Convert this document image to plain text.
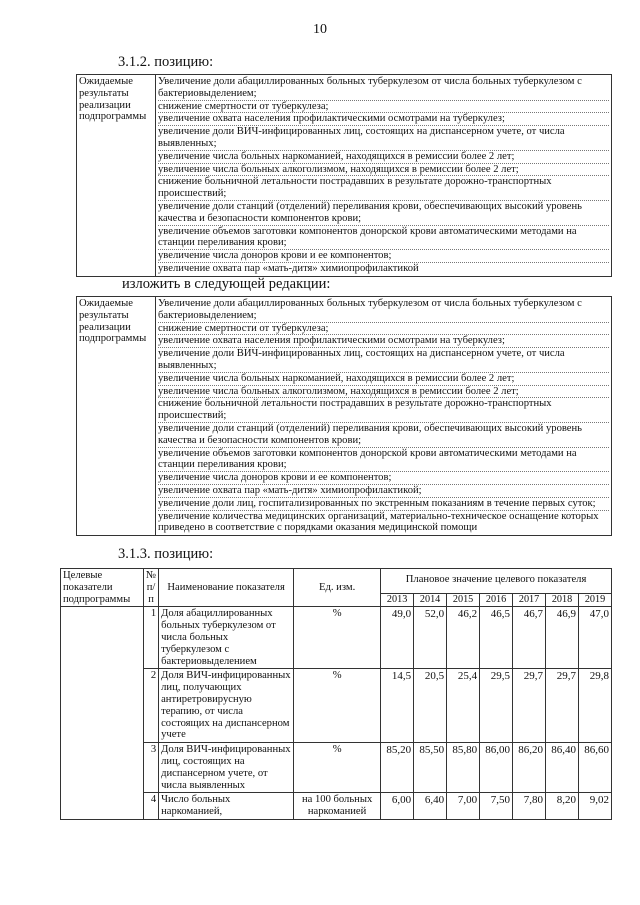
10
3.1.2. позицию:
Ожидаемые результаты реализации подпрограммы	
Увеличение доли абациллированных больных туберкулезом от числа больных туберкулезом с бактериовыделением;
снижение смертности от туберкулеза;
увеличение охвата населения профилактическими осмотрами на туберкулез;
увеличение доли ВИЧ-инфицированных лиц, состоящих на диспансерном учете, от числа выявленных;
увеличение числа больных наркоманией, находящихся в ремиссии более 2 лет;
увеличение числа больных алкоголизмом, находящихся в ремиссии более 2 лет;
снижение больничной летальности пострадавших в результате дорожно-транспортных происшествий;
увеличение доли станций (отделений) переливания крови, обеспечивающих высокий уровень качества и безопасности компонентов крови;
увеличение объемов заготовки компонентов донорской крови автоматическими методами на станции переливания крови;
увеличение числа доноров крови и ее компонентов;
увеличение охвата пар «мать-дитя» химиопрофилактикой
изложить в следующей редакции:
Ожидаемые результаты реализации подпрограммы	
Увеличение доли абациллированных больных туберкулезом от числа больных туберкулезом с бактериовыделением;
снижение смертности от туберкулеза;
увеличение охвата населения профилактическими осмотрами на туберкулез;
увеличение доли ВИЧ-инфицированных лиц, состоящих на диспансерном учете, от числа выявленных;
увеличение числа больных наркоманией, находящихся в ремиссии более 2 лет;
увеличение числа больных алкоголизмом, находящихся в ремиссии более 2 лет;
снижение больничной летальности пострадавших в результате дорожно-транспортных происшествий;
увеличение доли станций (отделений) переливания крови, обеспечивающих высокий уровень качества и безопасности компонентов крови;
увеличение объемов заготовки компонентов донорской крови автоматическими методами на станции переливания крови;
увеличение числа доноров крови и ее компонентов;
увеличение охвата пар «мать-дитя» химиопрофилактикой;
увеличение доли лиц, госпитализированных по экстренным показаниям в течение первых суток;
увеличение количества медицинских организаций, материально-техническое оснащение которых приведено в соответствие с порядками оказания медицинской помощи
3.1.3. позицию:
Целевые показатели подпрограммы	№ п/п	Наименование показателя	Ед. изм.	Плановое значение целевого показателя						
				2013	2014	2015	2016	2017	2018	2019
	1	Доля абациллированных больных туберкулезом от числа больных туберкулезом с бактериовыделением	%	49,0	52,0	46,2	46,5	46,7	46,9	47,0
	2	Доля ВИЧ-инфицированных лиц, получающих антиретровирусную терапию, от числа состоящих на диспансерном учете	%	14,5	20,5	25,4	29,5	29,7	29,7	29,8
	3	Доля ВИЧ-инфицированных лиц, состоящих на диспансерном учете, от числа выявленных	%	85,20	85,50	85,80	86,00	86,20	86,40	86,60
	4	Число больных наркоманией,	на 100 больных наркоманией	6,00	6,40	7,00	7,50	7,80	8,20	9,02
